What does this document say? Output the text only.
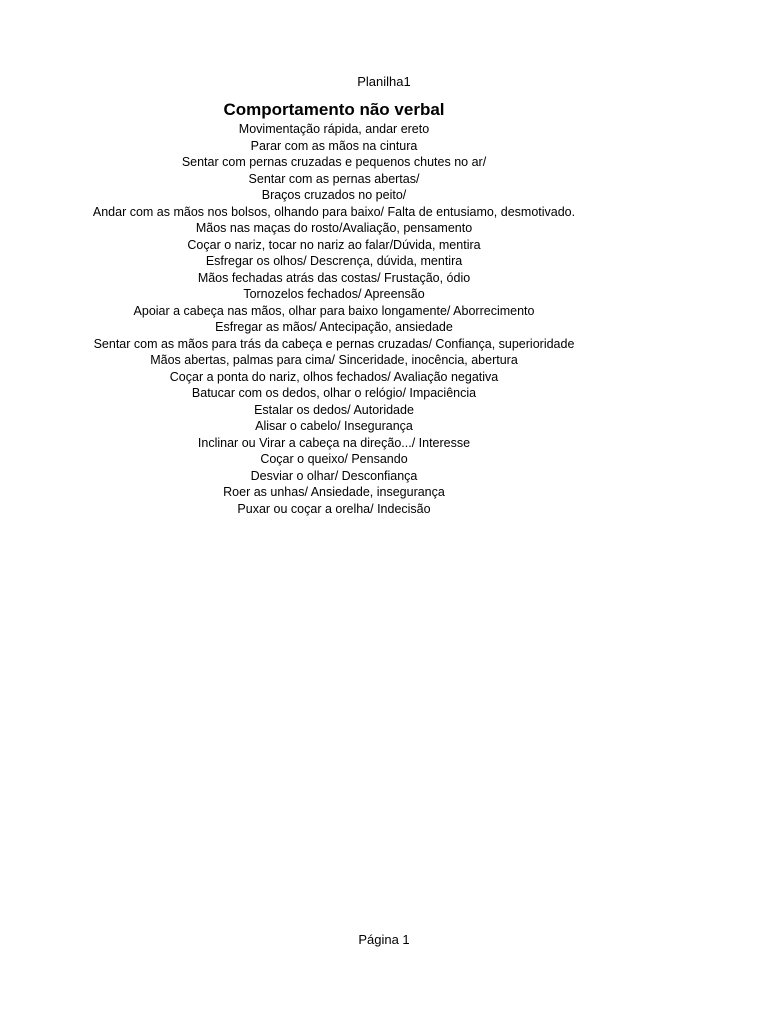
Planilha1
Comportamento não verbal
Movimentação rápida, andar ereto
Parar com as mãos na cintura
Sentar com pernas cruzadas e pequenos chutes no ar/
Sentar com as pernas abertas/
Braços cruzados no peito/
Andar com as mãos nos bolsos, olhando para baixo/ Falta de entusiamo, desmotivado.
Mãos nas maças do rosto/Avaliação, pensamento
Coçar o nariz, tocar no nariz ao falar/Dúvida, mentira
Esfregar os olhos/ Descrença, dúvida, mentira
Mãos fechadas atrás das costas/ Frustação, ódio
Tornozelos fechados/ Apreensão
Apoiar a cabeça nas mãos, olhar para baixo longamente/ Aborrecimento
Esfregar as mãos/ Antecipação, ansiedade
Sentar com as mãos para trás da cabeça e pernas cruzadas/ Confiança, superioridade
Mãos abertas, palmas para cima/ Sinceridade, inocência, abertura
Coçar a ponta do nariz, olhos fechados/ Avaliação negativa
Batucar com os dedos, olhar o relógio/ Impaciência
Estalar os dedos/ Autoridade
Alisar o cabelo/ Insegurança
Inclinar ou Virar a cabeça na direção.../ Interesse
Coçar o queixo/ Pensando
Desviar o olhar/ Desconfiança
Roer as unhas/ Ansiedade, insegurança
Puxar ou coçar a orelha/ Indecisão
Página 1
